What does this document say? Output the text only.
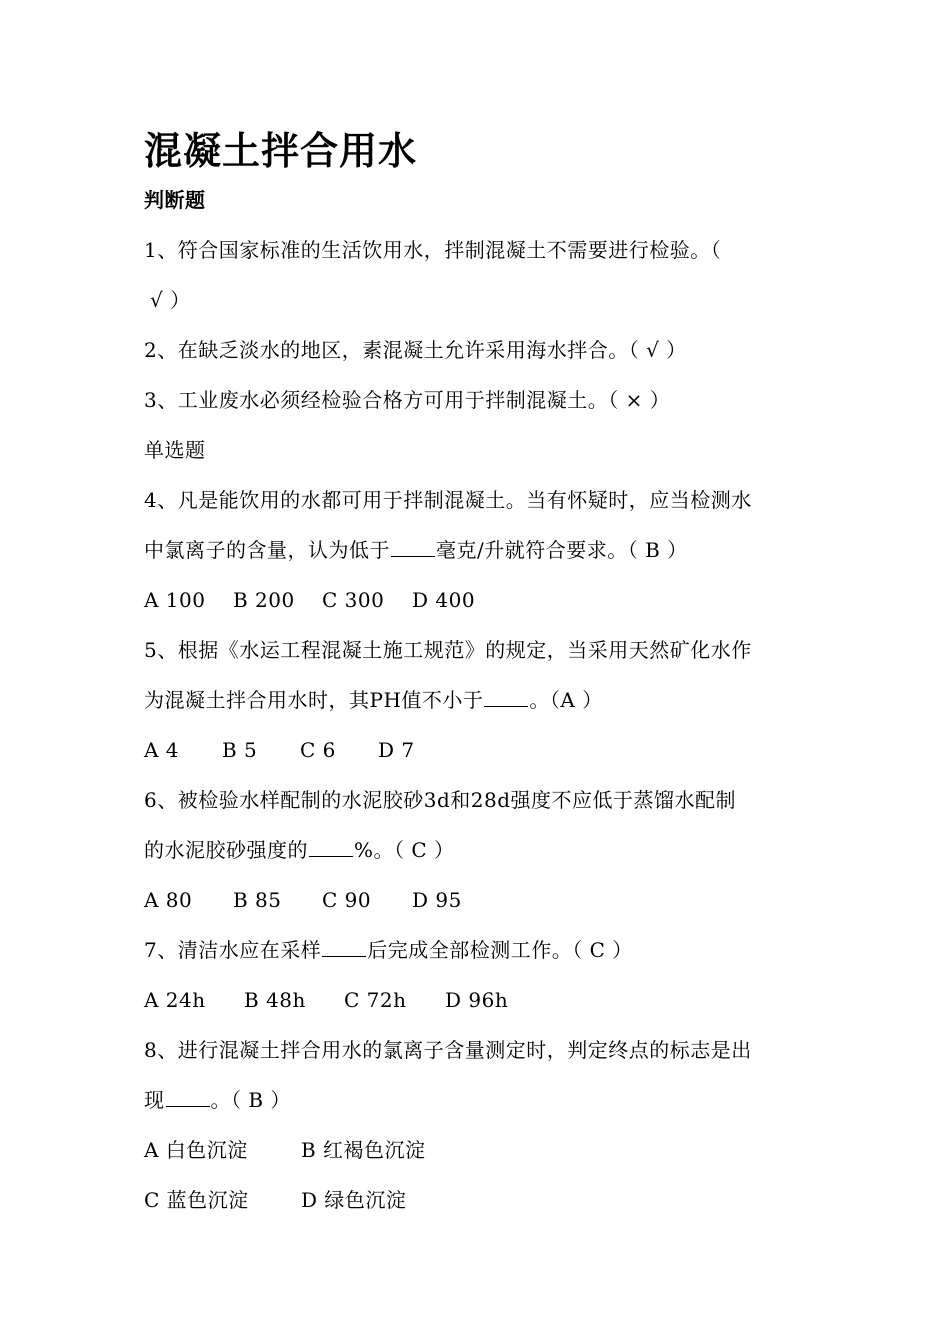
混凝土拌合用水
判断题
1、符合国家标准的生活饮用水，拌制混凝土不需要进行检验。（
√ ）
2、在缺乏淡水的地区，素混凝土允许采用海水拌合。（ √ ）
3、工业废水必须经检验合格方可用于拌制混凝土。（ × ）
单选题
4、凡是能饮用的水都可用于拌制混凝土。当有怀疑时，应当检测水
中氯离子的含量，认为低于 毫克/升就符合要求。（ B ）
A 100 B 200 C 300 D 400
5、根据《水运工程混凝土施工规范》的规定，当采用天然矿化水作
为混凝土拌合用水时，其PH值不小于 。（A ）
A 4 B 5 C 6 D 7
6、被检验水样配制的水泥胶砂3d和28d强度不应低于蒸馏水配制
的水泥胶砂强度的 %。（ C ）
A 80 B 85 C 90 D 95
7、清洁水应在采样 后完成全部检测工作。（ C ）
A 24h B 48h C 72h D 96h
8、进行混凝土拌合用水的氯离子含量测定时，判定终点的标志是出
现 。（ B ）
A 白色沉淀	B 红褐色沉淀
C 蓝色沉淀	D 绿色沉淀
